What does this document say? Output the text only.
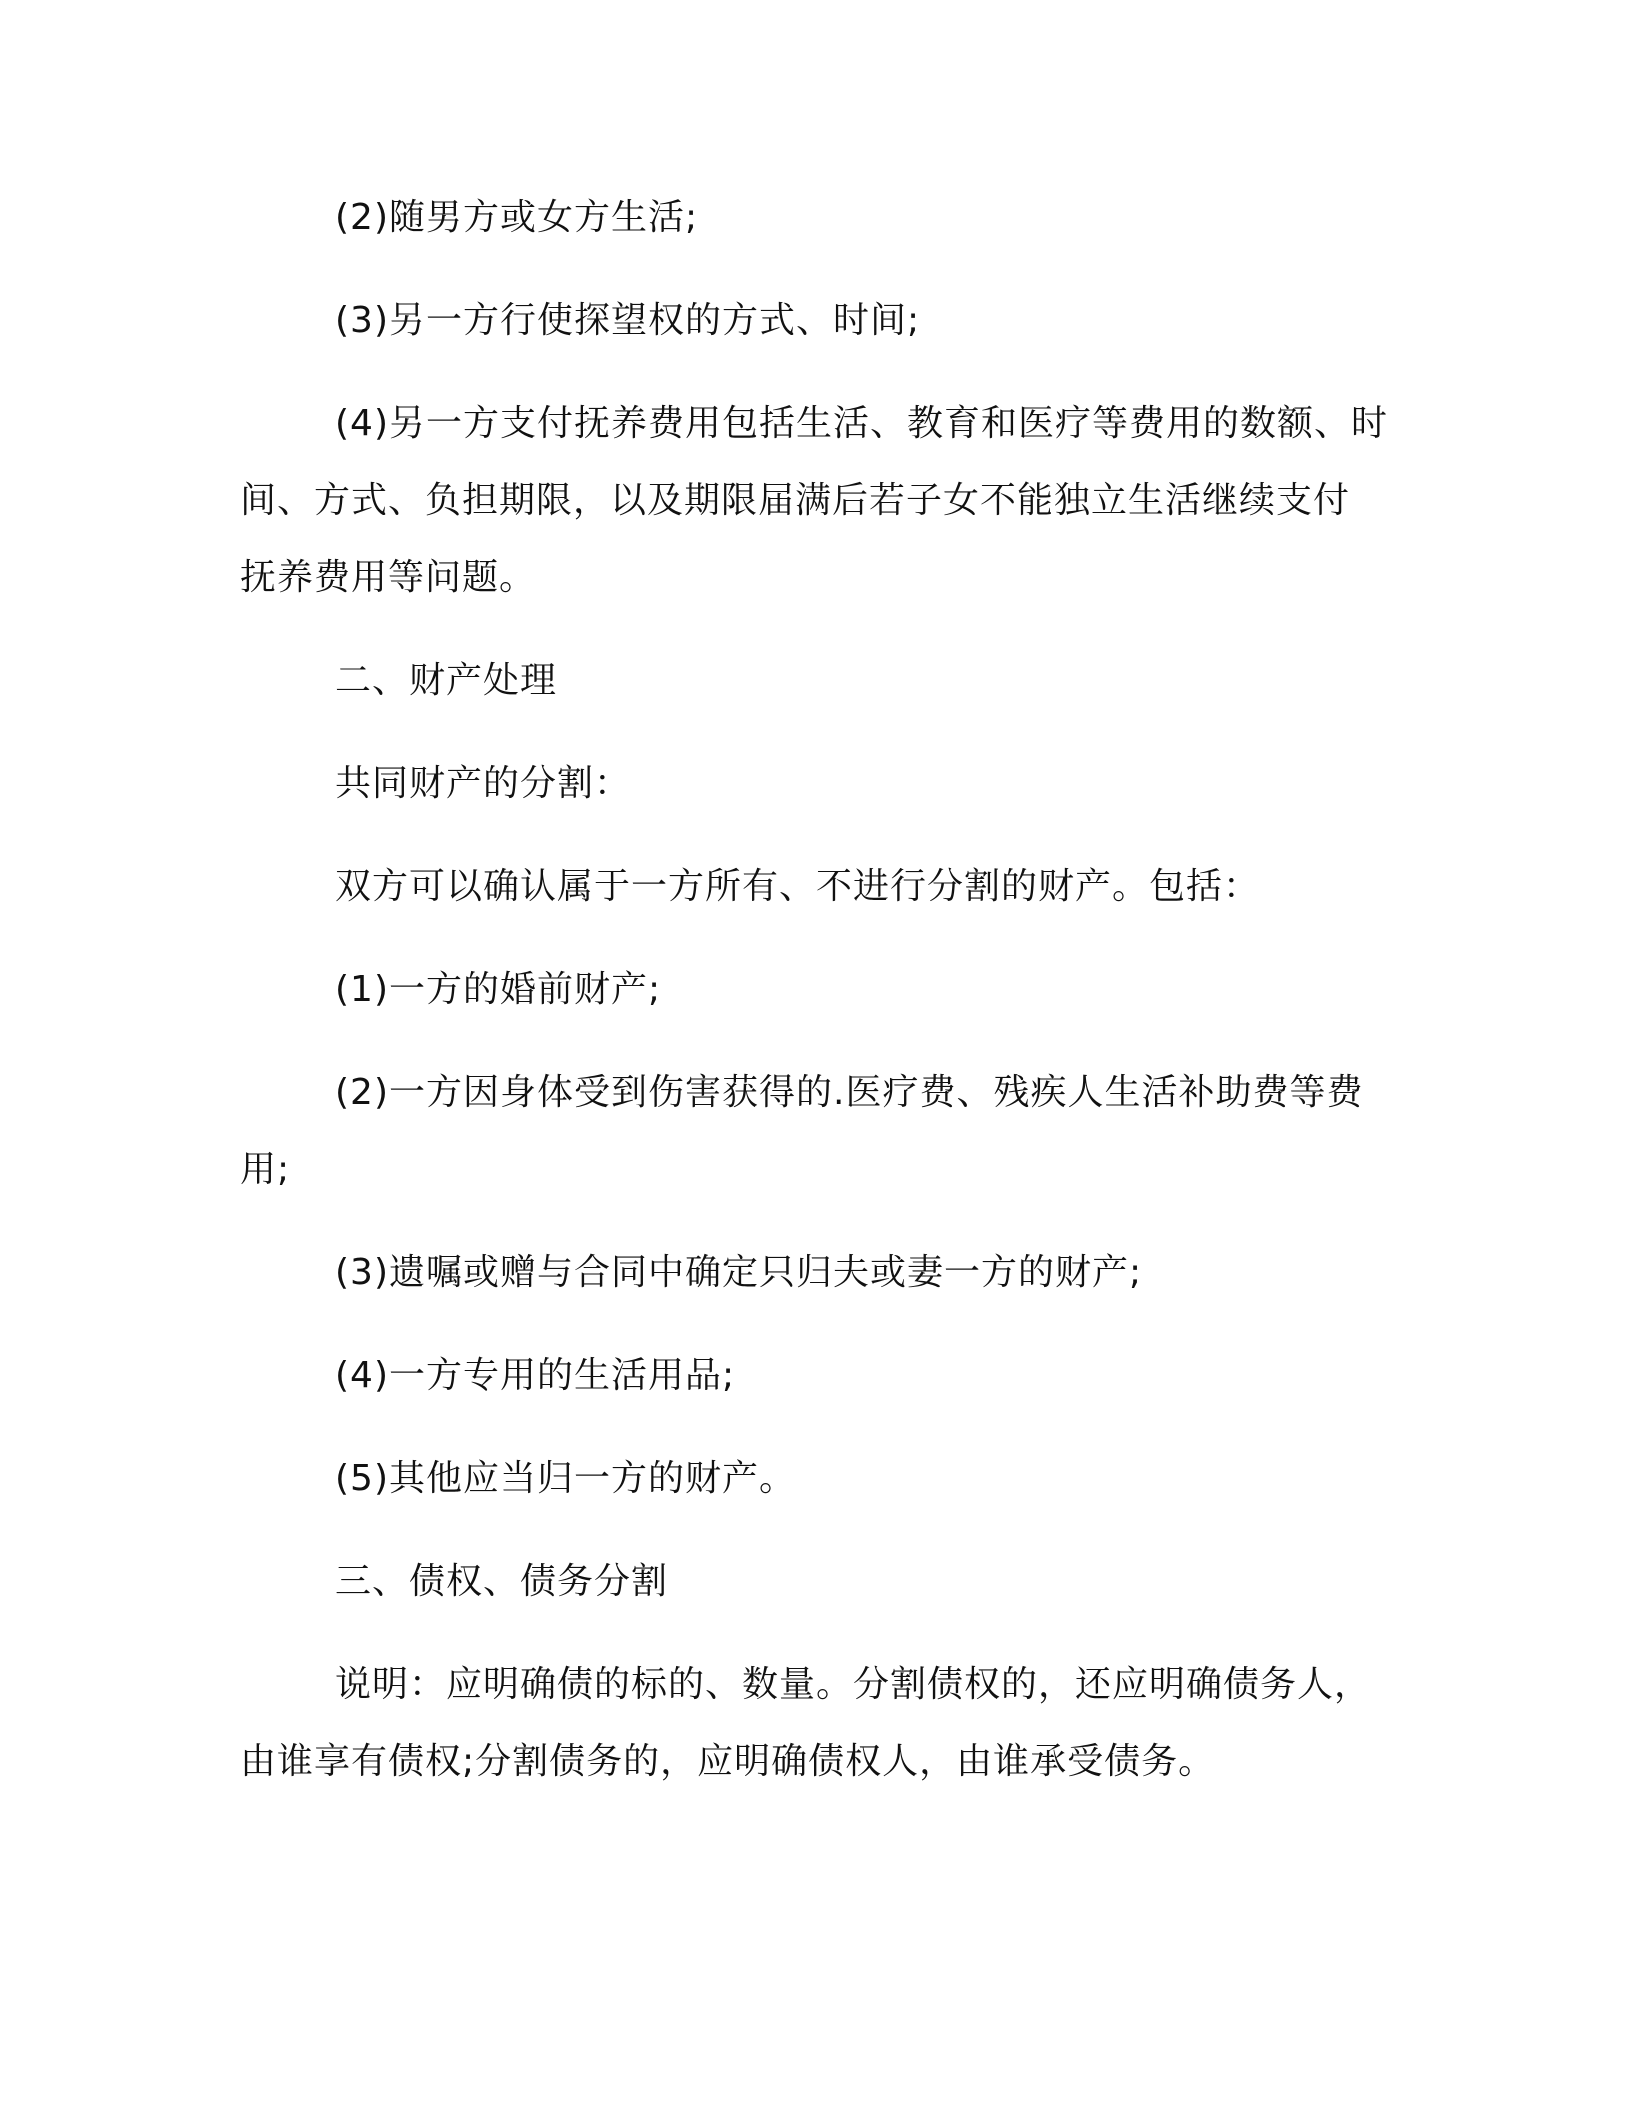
(2)随男方或女方生活;
(3)另一方行使探望权的方式、时间;
(4)另一方支付抚养费用包括生活、教育和医疗等费用的数额、时
间、方式、负担期限，以及期限届满后若子女不能独立生活继续支付
抚养费用等问题。
二、财产处理
共同财产的分割：
双方可以确认属于一方所有、不进行分割的财产。包括：
(1)一方的婚前财产;
(2)一方因身体受到伤害获得的.医疗费、残疾人生活补助费等费
用;
(3)遗嘱或赠与合同中确定只归夫或妻一方的财产;
(4)一方专用的生活用品;
(5)其他应当归一方的财产。
三、债权、债务分割
说明：应明确债的标的、数量。分割债权的，还应明确债务人，
由谁享有债权;分割债务的，应明确债权人，由谁承受债务。
